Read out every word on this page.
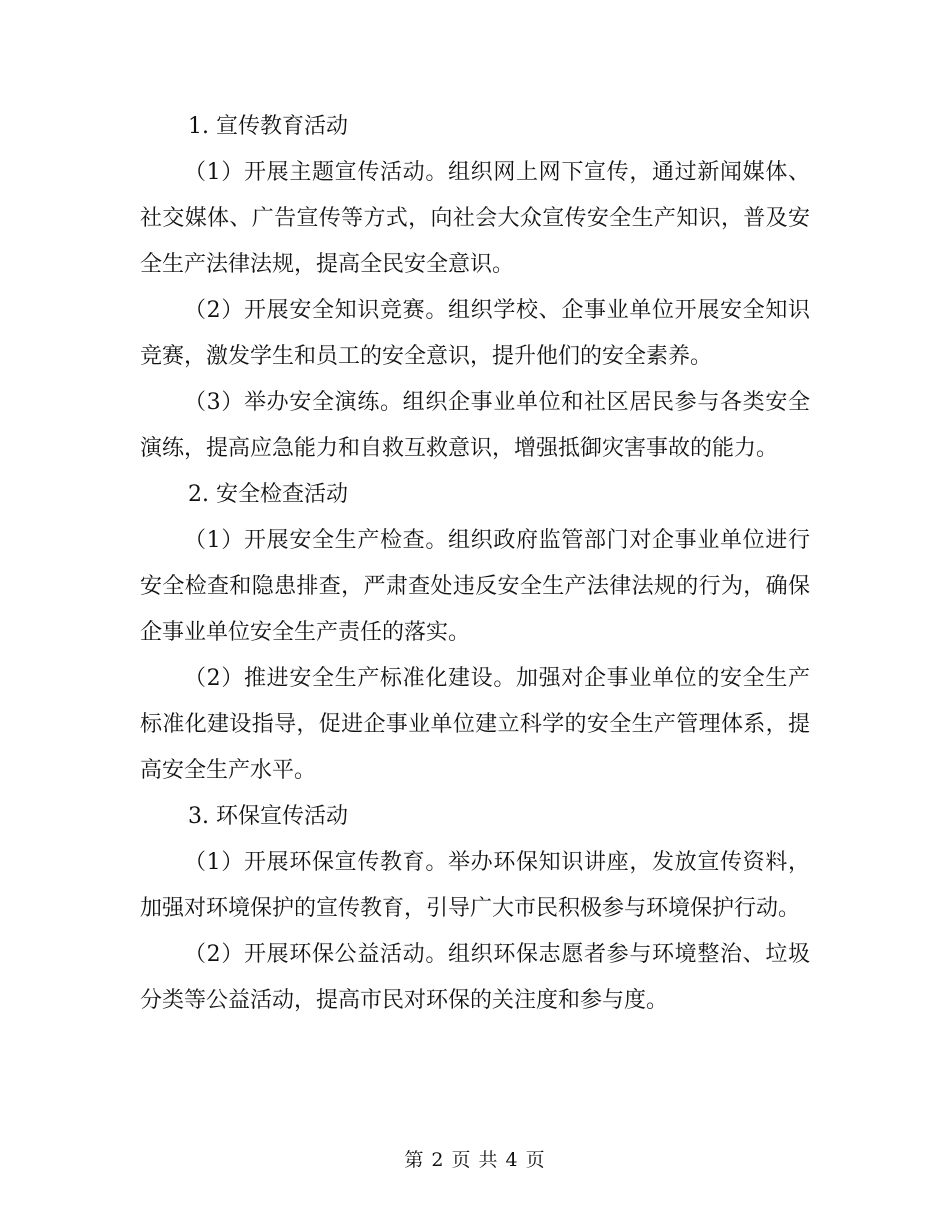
1. 宣传教育活动

（1）开展主题宣传活动。组织网上网下宣传，通过新闻媒体、社交媒体、广告宣传等方式，向社会大众宣传安全生产知识，普及安全生产法律法规，提高全民安全意识。

（2）开展安全知识竞赛。组织学校、企事业单位开展安全知识竞赛，激发学生和员工的安全意识，提升他们的安全素养。

（3）举办安全演练。组织企事业单位和社区居民参与各类安全演练，提高应急能力和自救互救意识，增强抵御灾害事故的能力。

2. 安全检查活动

（1）开展安全生产检查。组织政府监管部门对企事业单位进行安全检查和隐患排查，严肃查处违反安全生产法律法规的行为，确保企事业单位安全生产责任的落实。

（2）推进安全生产标准化建设。加强对企事业单位的安全生产标准化建设指导，促进企事业单位建立科学的安全生产管理体系，提高安全生产水平。

3. 环保宣传活动

（1）开展环保宣传教育。举办环保知识讲座，发放宣传资料，加强对环境保护的宣传教育，引导广大市民积极参与环境保护行动。

（2）开展环保公益活动。组织环保志愿者参与环境整治、垃圾分类等公益活动，提高市民对环保的关注度和参与度。

第 2 页 共 4 页
